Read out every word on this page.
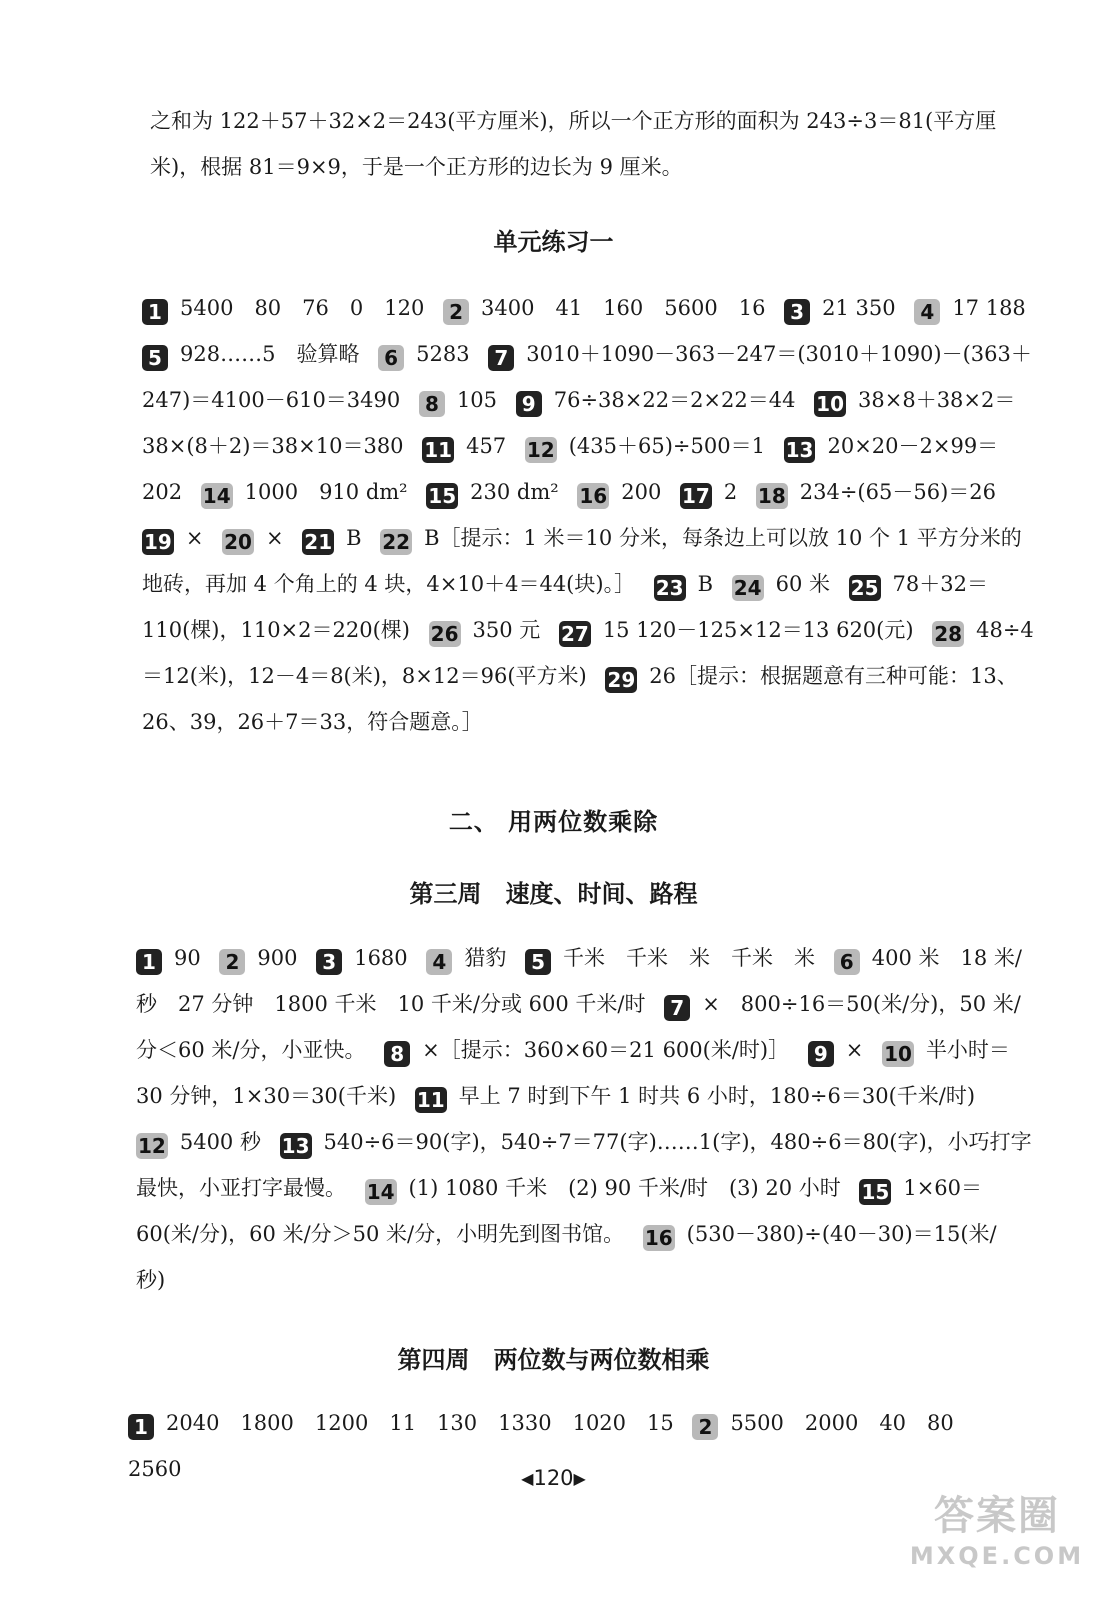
之和为 122＋57＋32×2＝243(平方厘米)，所以一个正方形的面积为 243÷3＝81(平方厘米)，根据 81＝9×9，于是一个正方形的边长为 9 厘米。

单元练习一

1 5400　80　76　0　120 2 3400　41　160　5600　16 3 21 350 4 17 1885 928……5　验算略 6 5283 7 3010＋1090－363－247＝(3010＋1090)－(363＋247)＝4100－610＝3490 8 105 9 76÷38×22＝2×22＝44 10 38×8＋38×2＝38×(8＋2)＝38×10＝380 11 457 12 (435＋65)÷500＝1 13 20×20－2×99＝202 14 1000　910 dm² 15 230 dm² 16 200 17 2 18 234÷(65－56)＝2619 × 20 × 21 B 22 B［提示：1 米＝10 分米，每条边上可以放 10 个 1 平方分米的地砖，再加 4 个角上的 4 块，4×10＋4＝44(块)。］ 23 B 24 60 米 25 78＋32＝110(棵)，110×2＝220(棵) 26 350 元 27 15 120－125×12＝13 620(元) 28 48÷4＝12(米)，12－4＝8(米)，8×12＝96(平方米) 29 26［提示：根据题意有三种可能：13、26、39，26＋7＝33，符合题意。］

二、 用两位数乘除
第三周　速度、时间、路程

1 90 2 900 3 1680 4 猎豹 5 千米　千米　米　千米　米 6 400 米　18 米/秒　27 分钟　1800 千米　10 千米/分或 600 千米/时 7 ×　800÷16＝50(米/分)，50 米/分＜60 米/分，小亚快。 8 ×［提示：360×60＝21 600(米/时)］ 9 × 10 半小时＝30 分钟，1×30＝30(千米) 11 早上 7 时到下午 1 时共 6 小时，180÷6＝30(千米/时)12 5400 秒 13 540÷6＝90(字)，540÷7＝77(字)……1(字)，480÷6＝80(字)，小巧打字最快，小亚打字最慢。 14 (1) 1080 千米　(2) 90 千米/时　(3) 20 小时 15 1×60＝60(米/分)，60 米/分＞50 米/分，小明先到图书馆。 16 (530－380)÷(40－30)＝15(米/秒)

第四周　两位数与两位数相乘

1 2040　1800　1200　11　130　1330　1020　15 2 5500　2000　40　80　2560	◀120▶
答案圈
MXQE.COM
